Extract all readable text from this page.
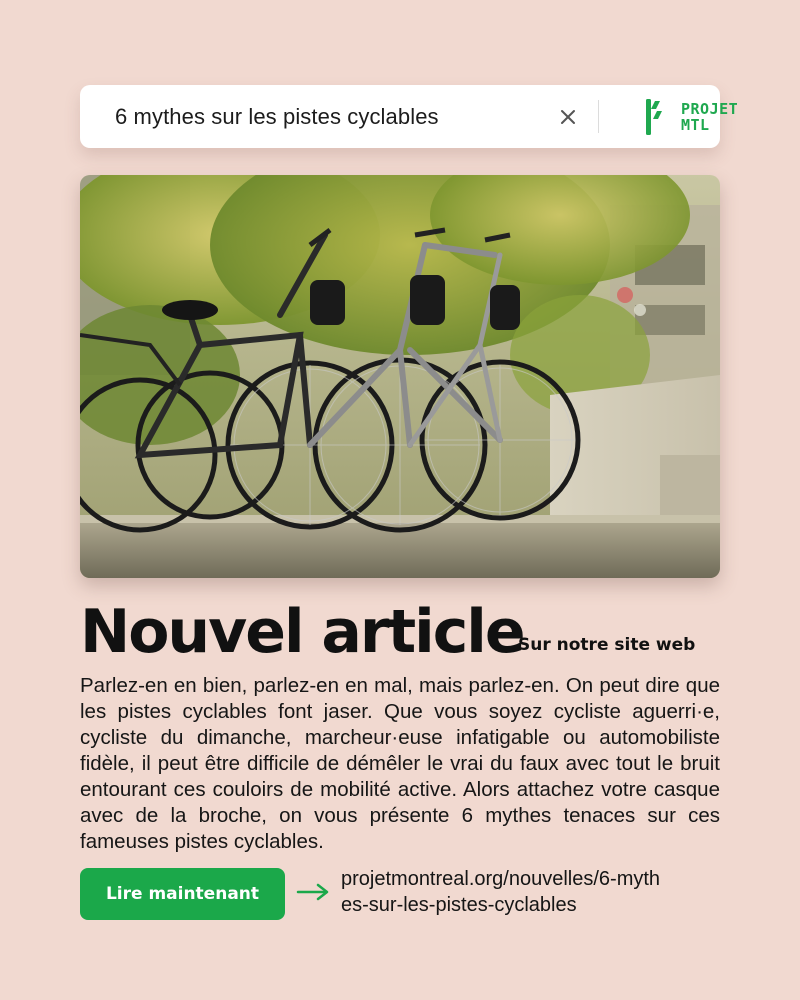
6 mythes sur les pistes cyclables	PROJET
MTL
Nouvel article
Sur notre site web

Parlez-en en bien, parlez-en en mal, mais parlez-en. On peut dire que les pistes cyclables font jaser. Que vous soyez cycliste aguerri·e, cycliste du dimanche, marcheur·euse infatigable ou automobiliste fidèle, il peut être difficile de démêler le vrai du faux avec tout le bruit entourant ces couloirs de mobilité active. Alors attachez votre casque avec de la broche, on vous présente 6 mythes tenaces sur ces fameuses pistes cyclables.

Lire maintenant
projetmontreal.org/nouvelles/6-mythes-sur-les-pistes-cyclables
